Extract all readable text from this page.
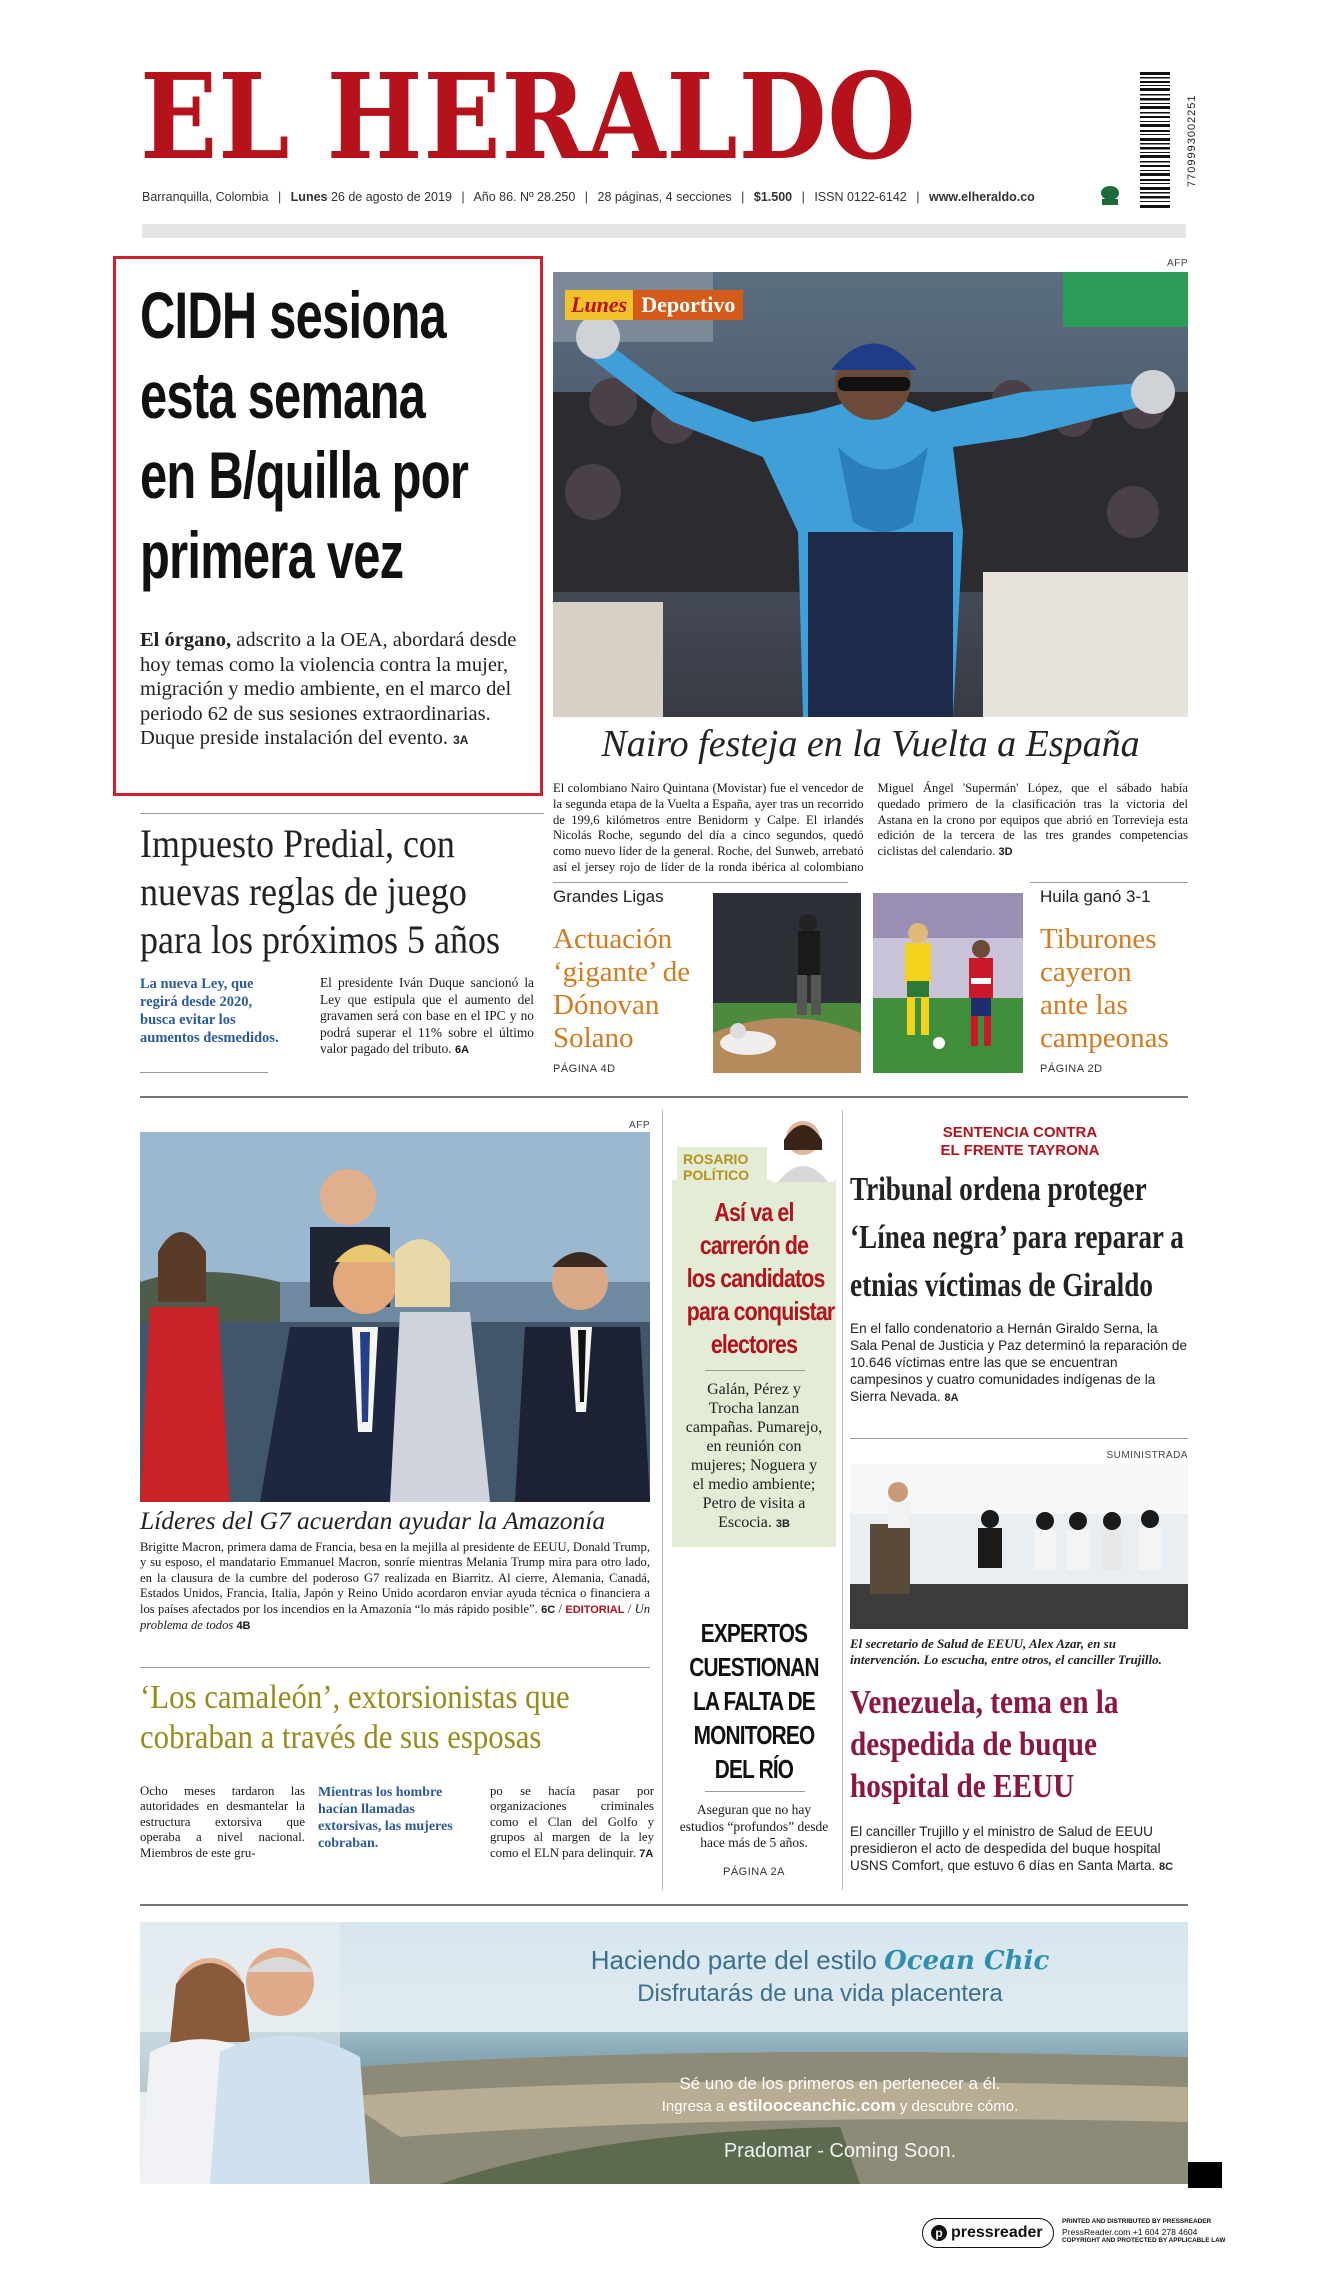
EL HERALDO	7709993002251
Barranquilla, Colombia | Lunes 26 de agosto de 2019 | Año 86. Nº 28.250 | 28 páginas, 4 secciones | $1.500 | ISSN 0122-6142 | www.elheraldo.co
CIDH sesiona
esta semana
en B/quilla por
primera vez
El órgano, adscrito a la OEA, abordará desde hoy temas como la violencia contra la mujer, migración y medio ambiente, en el marco del periodo 62 de sus sesiones extraordinarias. Duque preside instalación del evento. 3A
AFP
Lunes Deportivo
Nairo festeja en la Vuelta a España
El colombiano Nairo Quintana (Movistar) fue el vencedor de la segunda etapa de la Vuelta a España, ayer tras un recorrido de 199,6 kilómetros entre Benidorm y Calpe. El irlandés Nicolás Roche, segundo del día a cinco segundos, quedó como nuevo líder de la general. Roche, del Sunweb, arrebató así el jersey rojo de líder de la ronda ibérica al colombiano Miguel Ángel 'Supermán' López, que el sábado había quedado primero de la clasificación tras la victoria del Astana en la crono por equipos que abrió en Torrevieja esta edición de la tercera de las tres grandes competencias ciclistas del calendario. 3D
Impuesto Predial, con
nuevas reglas de juego
para los próximos 5 años
La nueva Ley, que regirá desde 2020, busca evitar los aumentos desmedidos.
El presidente Iván Duque sancionó la Ley que estipula que el aumento del gravamen será con base en el IPC y no podrá superar el 11% sobre el último valor pagado del tributo. 6A
Grandes Ligas
Actuación
‘gigante’ de
Dónovan
Solano
PÁGINA 4D
Huila ganó 3-1
Tiburones
cayeron
ante las
campeonas
PÁGINA 2D
AFP
Líderes del G7 acuerdan ayudar la Amazonía
Brigitte Macron, primera dama de Francia, besa en la mejilla al presidente de EEUU, Donald Trump, y su esposo, el mandatario Emmanuel Macron, sonríe mientras Melania Trump mira para otro lado, en la clausura de la cumbre del poderoso G7 realizada en Biarritz. Al cierre, Alemania, Canadá, Estados Unidos, Francia, Italia, Japón y Reino Unido acordaron enviar ayuda técnica o financiera a los países afectados por los incendios en la Amazonía “lo más rápido posible”. 6C / EDITORIAL / Un problema de todos 4B
‘Los camaleón’, extorsionistas que
cobraban a través de sus esposas
Ocho meses tardaron las autoridades en desmantelar la estructura extorsiva que operaba a nivel nacional. Miembros de este gru-
Mientras los hombre hacían llamadas extorsivas, las mujeres cobraban.
po se hacía pasar por organizaciones criminales como el Clan del Golfo y grupos al margen de la ley como el ELN para delinquir. 7A
ROSARIO
POLÍTICO
Así va el
carrerón de
los candidatos
para conquistar
electores
Galán, Pérez y Trocha lanzan campañas. Pumarejo, en reunión con mujeres; Noguera y el medio ambiente; Petro de visita a Escocia. 3B
EXPERTOS
CUESTIONAN
LA FALTA DE
MONITOREO
DEL RÍO
Aseguran que no hay estudios “profundos” desde hace más de 5 años.
PÁGINA 2A
SENTENCIA CONTRA
EL FRENTE TAYRONA
Tribunal ordena proteger
‘Línea negra’ para reparar a
etnias víctimas de Giraldo
En el fallo condenatorio a Hernán Giraldo Serna, la Sala Penal de Justicia y Paz determinó la reparación de 10.646 víctimas entre las que se encuentran campesinos y cuatro comunidades indígenas de la Sierra Nevada. 8A
SUMINISTRADA
El secretario de Salud de EEUU, Alex Azar, en su intervención. Lo escucha, entre otros, el canciller Trujillo.
Venezuela, tema en la
despedida de buque
hospital de EEUU
El canciller Trujillo y el ministro de Salud de EEUU presidieron el acto de despedida del buque hospital USNS Comfort, que estuvo 6 días en Santa Marta. 8C
Haciendo parte del estilo Ocean Chic
Disfrutarás de una vida placentera
Sé uno de los primeros en pertenecer a él.
Ingresa a estilooceanchic.com y descubre cómo.
Pradomar - Coming Soon.
p pressreader
PRINTED AND DISTRIBUTED BY PRESSREADER
PressReader.com +1 604 278 4604
COPYRIGHT AND PROTECTED BY APPLICABLE LAW
